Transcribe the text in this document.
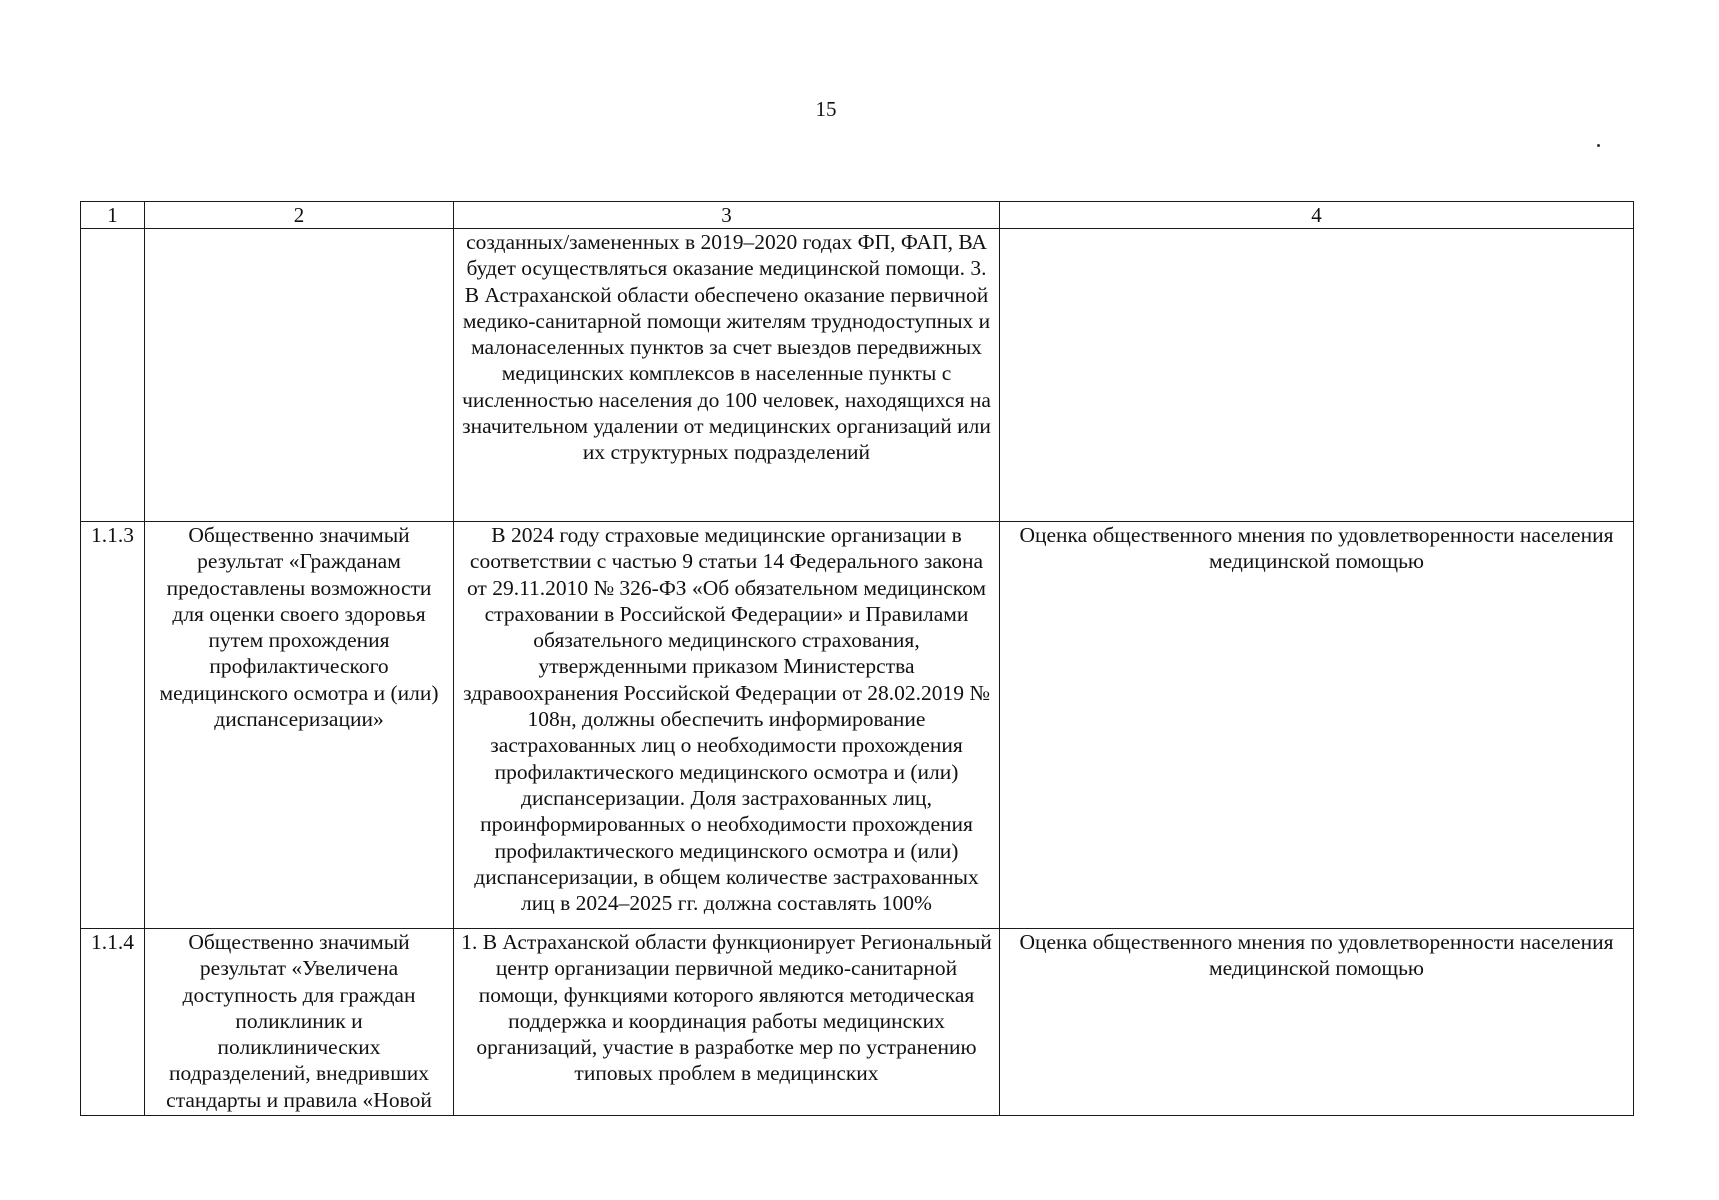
15
1	2	3	4

		созданных/замененных в 2019–2020 годах ФП, ФАП, ВА будет осуществляться оказание медицинской помощи. 3. В Астраханской области обеспечено оказание первичной медико-санитарной помощи жителям труднодоступных и малонаселенных пунктов за счет выездов передвижных медицинских комплексов в населенные пункты с численностью населения до 100 человек, находящихся на значительном удалении от медицинских организаций или их структурных подразделений	

1.1.3	Общественно значимый результат «Гражданам предоставлены возможности для оценки своего здоровья путем прохождения профилактического медицинского осмотра и (или) диспансеризации»	В 2024 году страховые медицинские организации в соответствии с частью 9 статьи 14 Федерального закона от 29.11.2010 № 326-ФЗ «Об обязательном медицинском страховании в Российской Федерации» и Правилами обязательного медицинского страхования, утвержденными приказом Министерства здравоохранения Российской Федерации от 28.02.2019 № 108н, должны обеспечить информирование застрахованных лиц о необходимости прохождения профилактического медицинского осмотра и (или) диспансеризации. Доля застрахованных лиц, проинформированных о необходимости прохождения профилактического медицинского осмотра и (или) диспансеризации, в общем количестве застрахованных лиц в 2024–2025 гг. должна составлять 100%	Оценка общественного мнения по удовлетворенности населения медицинской помощью

1.1.4	Общественно значимый результат «Увеличена доступность для граждан поликлиник и поликлинических подразделений, внедривших стандарты и правила «Новой	1. В Астраханской области функционирует Региональный центр организации первичной медико-санитарной помощи, функциями которого являются методическая поддержка и координация работы медицинских организаций, участие в разработке мер по устранению типовых проблем в медицинских	Оценка общественного мнения по удовлетворенности населения медицинской помощью
